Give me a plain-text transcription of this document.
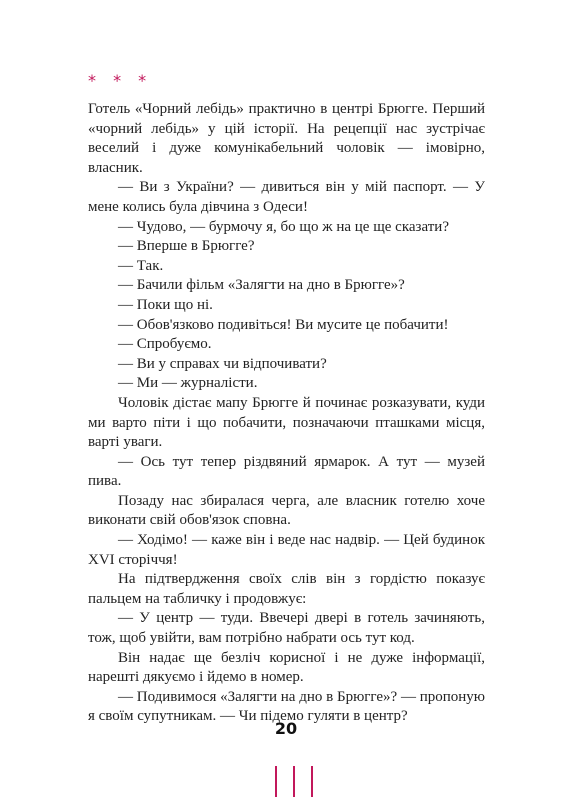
* * *

Готель «Чорний лебідь» практично в центрі Брюгге. Перший «чорний лебідь» у цій історії. На рецепції нас зустрічає веселий і дуже комунікабельний чоловік — імовірно, власник.

— Ви з України? — дивиться він у мій паспорт. — У мене колись була дівчина з Одеси!

— Чудово, — бурмочу я, бо що ж на це ще сказати?

— Вперше в Брюгге?

— Так.

— Бачили фільм «Залягти на дно в Брюгге»?

— Поки що ні.

— Обов'язково подивіться! Ви мусите це побачити!

— Спробуємо.

— Ви у справах чи відпочивати?

— Ми — журналісти.

Чоловік дістає мапу Брюгге й починає розказувати, куди ми варто піти і що побачити, позначаючи пташками місця, варті уваги.

— Ось тут тепер різдвяний ярмарок. А тут — музей пива.

Позаду нас збиралася черга, але власник готелю хоче виконати свій обов'язок сповна.

— Ходімо! — каже він і веде нас надвір. — Цей будинок XVI сторіччя!

На підтвердження своїх слів він з гордістю показує пальцем на табличку і продовжує:

— У центр — туди. Ввечері двері в готель зачиняють, тож, щоб увійти, вам потрібно набрати ось тут код.

Він надає ще безліч корисної і не дуже інформації, нарешті дякуємо і йдемо в номер.

— Подивимося «Залягти на дно в Брюгге»? — пропоную я своїм супутникам. — Чи підемо гуляти в центр?

20
